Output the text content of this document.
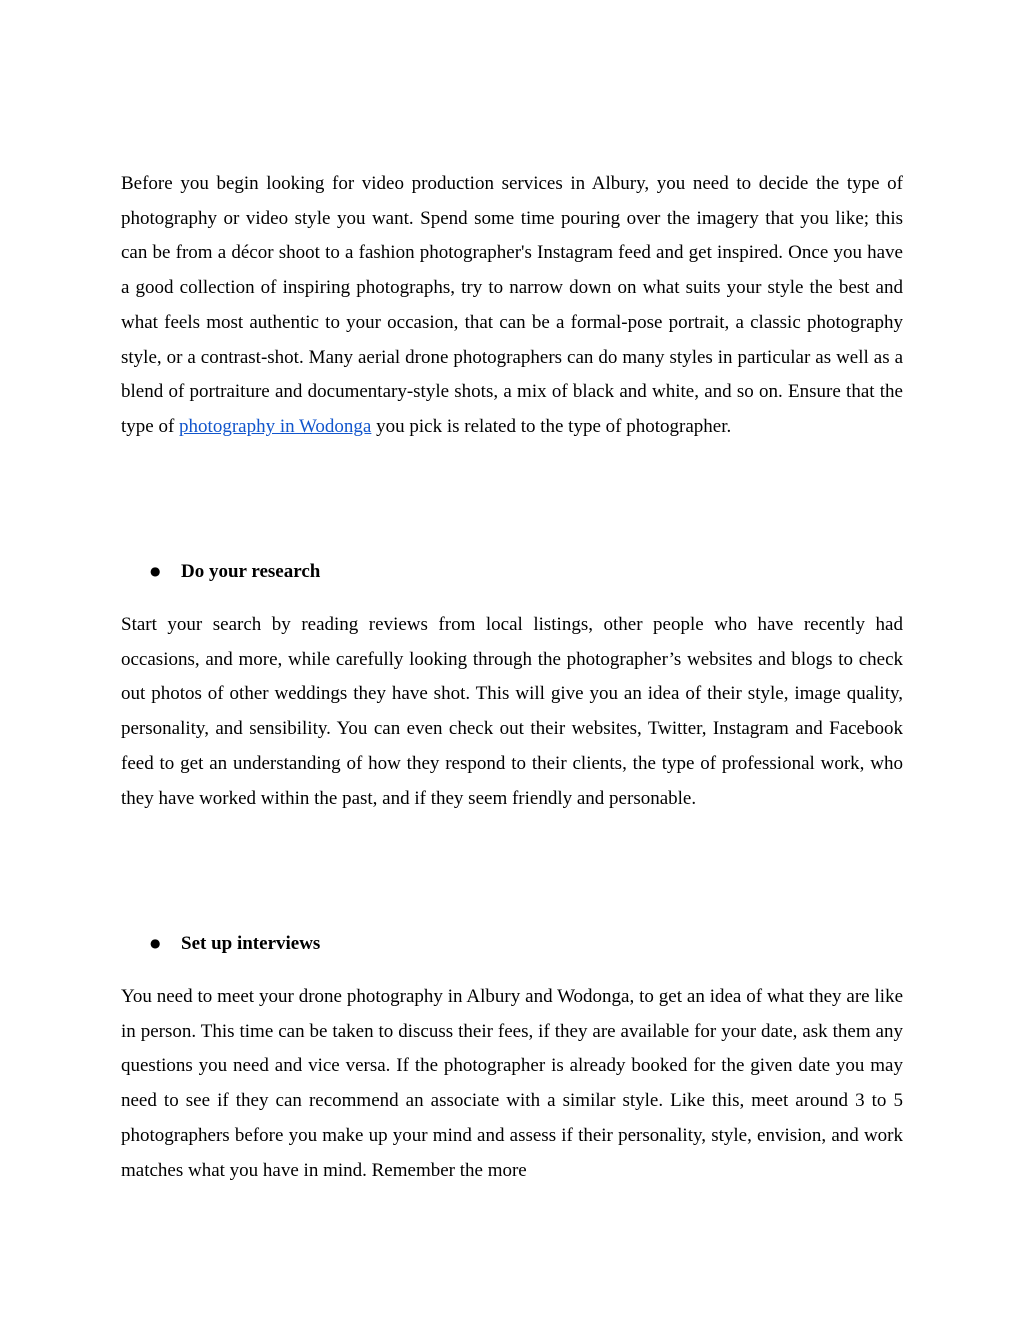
Before you begin looking for video production services in Albury, you need to decide the type of photography or video style you want. Spend some time pouring over the imagery that you like; this can be from a décor shoot to a fashion photographer's Instagram feed and get inspired. Once you have a good collection of inspiring photographs, try to narrow down on what suits your style the best and what feels most authentic to your occasion, that can be a formal-pose portrait, a classic photography style, or a contrast-shot. Many aerial drone photographers can do many styles in particular as well as a blend of portraiture and documentary-style shots, a mix of black and white, and so on. Ensure that the type of photography in Wodonga you pick is related to the type of photographer.

● Do your research

Start your search by reading reviews from local listings, other people who have recently had occasions, and more, while carefully looking through the photographer’s websites and blogs to check out photos of other weddings they have shot. This will give you an idea of their style, image quality, personality, and sensibility. You can even check out their websites, Twitter, Instagram and Facebook feed to get an understanding of how they respond to their clients, the type of professional work, who they have worked within the past, and if they seem friendly and personable.

● Set up interviews

You need to meet your drone photography in Albury and Wodonga, to get an idea of what they are like in person. This time can be taken to discuss their fees, if they are available for your date, ask them any questions you need and vice versa. If the photographer is already booked for the given date you may need to see if they can recommend an associate with a similar style. Like this, meet around 3 to 5 photographers before you make up your mind and assess if their personality, style, envision, and work matches what you have in mind. Remember the more
